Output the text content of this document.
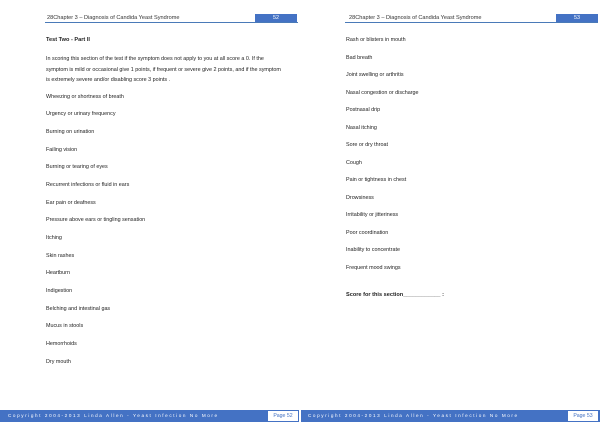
28Chapter 3 – Diagnosis of Candida Yeast Syndrome	52
Test Two - Part II
In scoring this section of the test if the symptom does not apply to you at all score a 0. If the symptom is mild or occasional give 1 points, if frequent or severe give 2 points, and if the symptom is extremely severe and/or disabling score 3 points .
Wheezing or shortness of breath
Urgency or urinary frequency
Burning on urination
Failing vision
Burning or tearing of eyes
Recurrent infections or fluid in ears
Ear pain or deafness
Pressure above ears or tingling sensation
Itching
Skin rashes
Heartburn
Indigestion
Belching and intestinal gas
Mucus in stools
Hemorrhoids
Dry mouth
Copyright 2004-2013 Linda Allen - Yeast Infection No More	Page 52
28Chapter 3 – Diagnosis of Candida Yeast Syndrome	53
Rash or blisters in mouth
Bad breath
Joint swelling or arthritis
Nasal congestion or discharge
Postnasal drip
Nasal itching
Sore or dry throat
Cough
Pain or tightness in chest
Drowsiness
Irritability or jitteriness
Poor coordination
Inability to concentrate
Frequent mood swings
Score for this section____________ :
Copyright 2004-2013 Linda Allen - Yeast Infection No More	Page 53
